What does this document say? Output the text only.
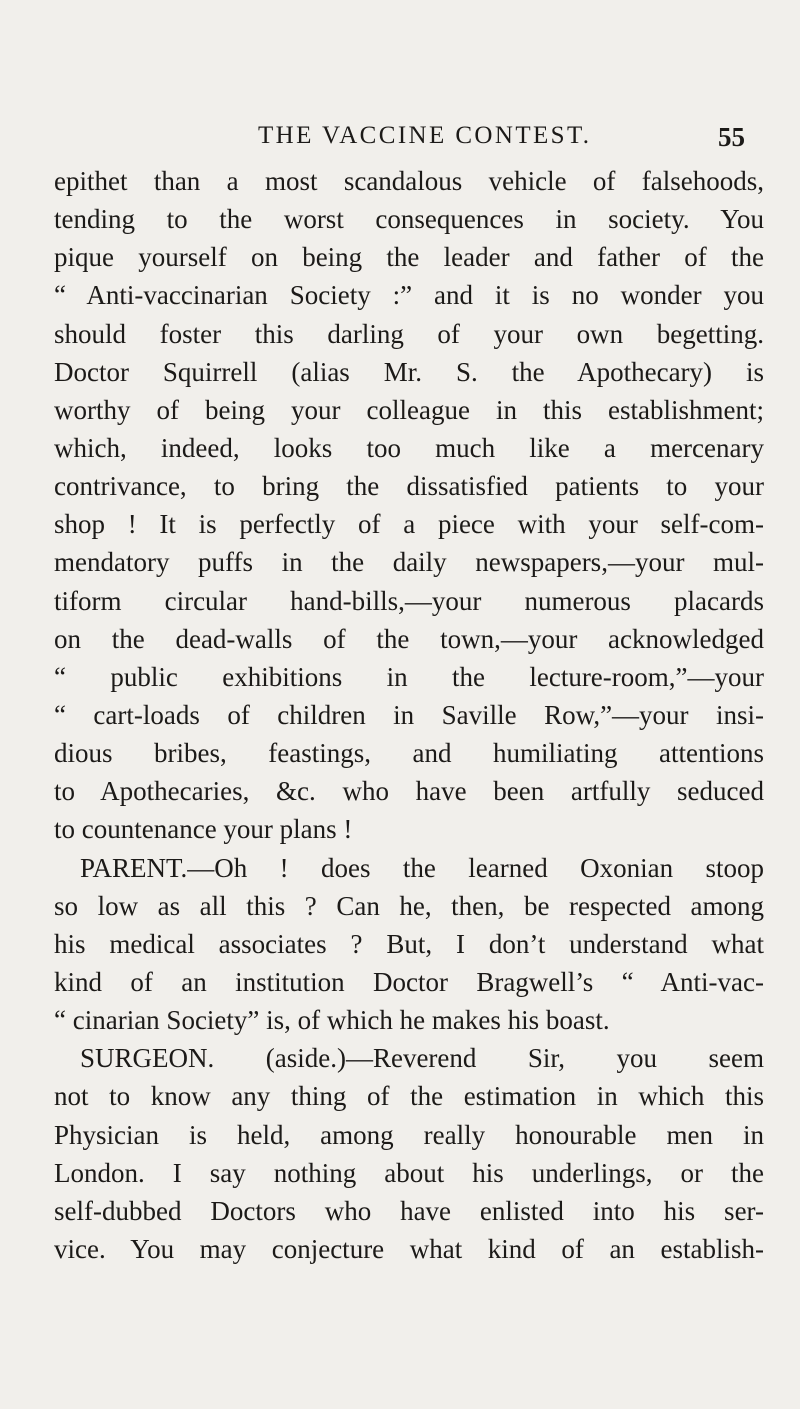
THE VACCINE CONTEST.	55
epithet than a most scandalous vehicle of falsehoods,
tending to the worst consequences in society. You
pique yourself on being the leader and father of the
“ Anti-vaccinarian Society :” and it is no wonder you
should foster this darling of your own begetting.
Doctor Squirrell (alias Mr. S. the Apothecary) is
worthy of being your colleague in this establishment;
which, indeed, looks too much like a mercenary
contrivance, to bring the dissatisfied patients to your
shop ! It is perfectly of a piece with your self-com-
mendatory puffs in the daily newspapers,—your mul-
tiform circular hand-bills,—your numerous placards
on the dead-walls of the town,—your acknowledged
“ public exhibitions in the lecture-room,”—your
“ cart-loads of children in Saville Row,”—your insi-
dious bribes, feastings, and humiliating attentions
to Apothecaries, &c. who have been artfully seduced
to countenance your plans !
PARENT.—Oh ! does the learned Oxonian stoop
so low as all this ? Can he, then, be respected among
his medical associates ? But, I don’t understand what
kind of an institution Doctor Bragwell’s “ Anti-vac-
“ cinarian Society” is, of which he makes his boast.
SURGEON. (aside.)—Reverend Sir, you seem
not to know any thing of the estimation in which this
Physician is held, among really honourable men in
London. I say nothing about his underlings, or the
self-dubbed Doctors who have enlisted into his ser-
vice. You may conjecture what kind of an establish-
